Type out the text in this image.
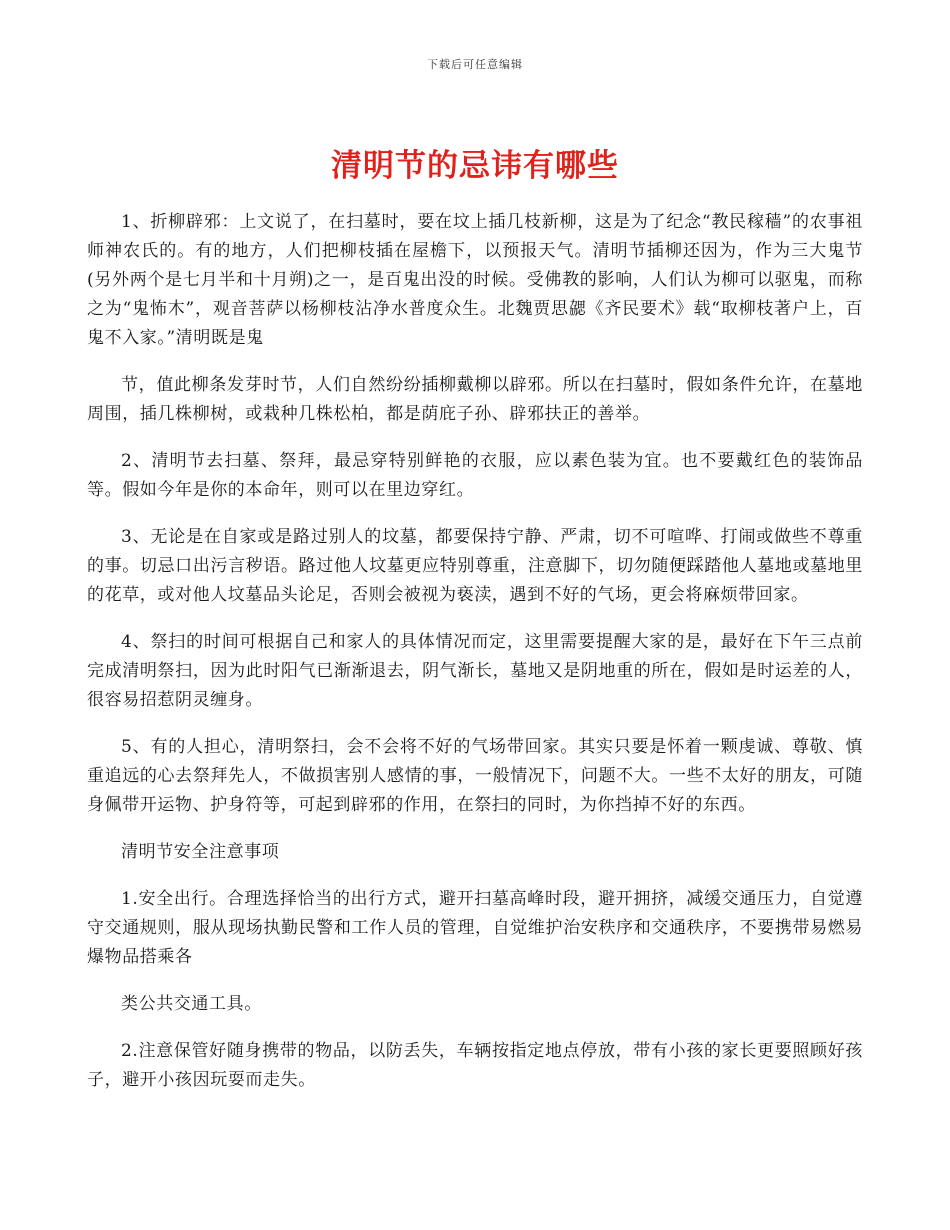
下载后可任意编辑
清明节的忌讳有哪些

1、折柳辟邪：上文说了，在扫墓时，要在坟上插几枝新柳，这是为了纪念“教民稼穑”的农事祖师神农氏的。有的地方，人们把柳枝插在屋檐下，以预报天气。清明节插柳还因为，作为三大鬼节(另外两个是七月半和十月朔)之一，是百鬼出没的时候。受佛教的影响，人们认为柳可以驱鬼，而称之为“鬼怖木”，观音菩萨以杨柳枝沾净水普度众生。北魏贾思勰《齐民要术》载“取柳枝著户上，百鬼不入家。”清明既是鬼

节，值此柳条发芽时节，人们自然纷纷插柳戴柳以辟邪。所以在扫墓时，假如条件允许，在墓地周围，插几株柳树，或栽种几株松柏，都是荫庇子孙、辟邪扶正的善举。

2、清明节去扫墓、祭拜，最忌穿特别鲜艳的衣服，应以素色装为宜。也不要戴红色的装饰品等。假如今年是你的本命年，则可以在里边穿红。

3、无论是在自家或是路过别人的坟墓，都要保持宁静、严肃，切不可喧哗、打闹或做些不尊重的事。切忌口出污言秽语。路过他人坟墓更应特别尊重，注意脚下，切勿随便踩踏他人墓地或墓地里的花草，或对他人坟墓品头论足，否则会被视为亵渎，遇到不好的气场，更会将麻烦带回家。

4、祭扫的时间可根据自己和家人的具体情况而定，这里需要提醒大家的是，最好在下午三点前完成清明祭扫，因为此时阳气已渐渐退去，阴气渐长，墓地又是阴地重的所在，假如是时运差的人，很容易招惹阴灵缠身。

5、有的人担心，清明祭扫，会不会将不好的气场带回家。其实只要是怀着一颗虔诚、尊敬、慎重追远的心去祭拜先人，不做损害别人感情的事，一般情况下，问题不大。一些不太好的朋友，可随身佩带开运物、护身符等，可起到辟邪的作用，在祭扫的同时，为你挡掉不好的东西。

清明节安全注意事项

1.安全出行。合理选择恰当的出行方式，避开扫墓高峰时段，避开拥挤，减缓交通压力，自觉遵守交通规则，服从现场执勤民警和工作人员的管理，自觉维护治安秩序和交通秩序，不要携带易燃易爆物品搭乘各

类公共交通工具。

2.注意保管好随身携带的物品，以防丢失，车辆按指定地点停放，带有小孩的家长更要照顾好孩子，避开小孩因玩耍而走失。
